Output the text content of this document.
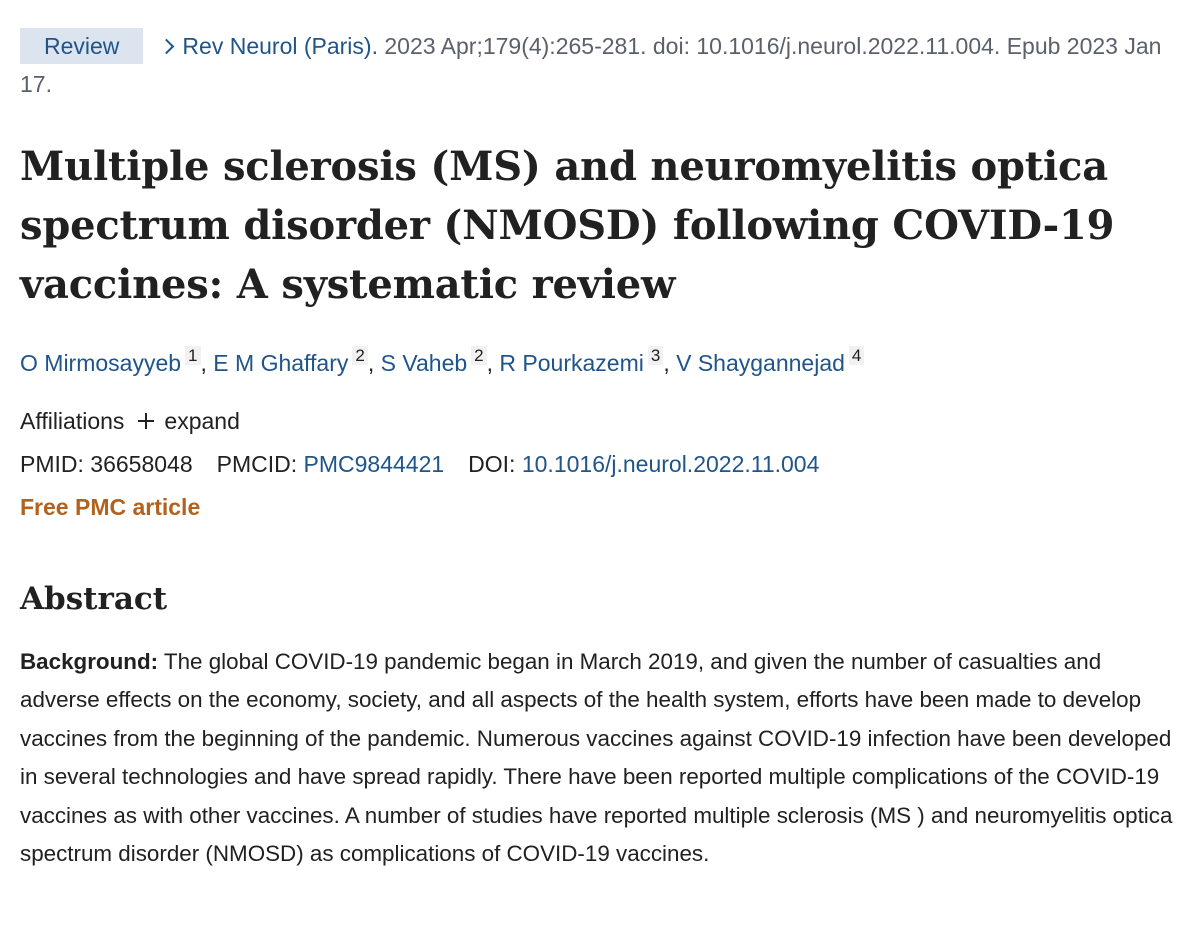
Review	Rev Neurol (Paris). 2023 Apr;179(4):265-281. doi: 10.1016/j.neurol.2022.11.004. Epub 2023 Jan 17.
Multiple sclerosis (MS) and neuromyelitis optica spectrum disorder (NMOSD) following COVID-19 vaccines: A systematic review
O Mirmosayyeb $^1$ , E M Ghaffary $^2$ , S Vaheb $^2$ , R Pourkazemi $^3$ , V Shaygannejad $^4$
Affiliations expand
PMID: 36658048 PMCID: PMC9844421 DOI: 10.1016/j.neurol.2022.11.004
Free PMC article
Abstract

Background: The global COVID-19 pandemic began in March 2019, and given the number of casualties and adverse effects on the economy, society, and all aspects of the health system, efforts have been made to develop vaccines from the beginning of the pandemic. Numerous vaccines against COVID-19 infection have been developed in several technologies and have spread rapidly. There have been reported multiple complications of the COVID-19 vaccines as with other vaccines. A number of studies have reported multiple sclerosis (MS ) and neuromyelitis optica spectrum disorder (NMOSD) as complications of COVID-19 vaccines.
